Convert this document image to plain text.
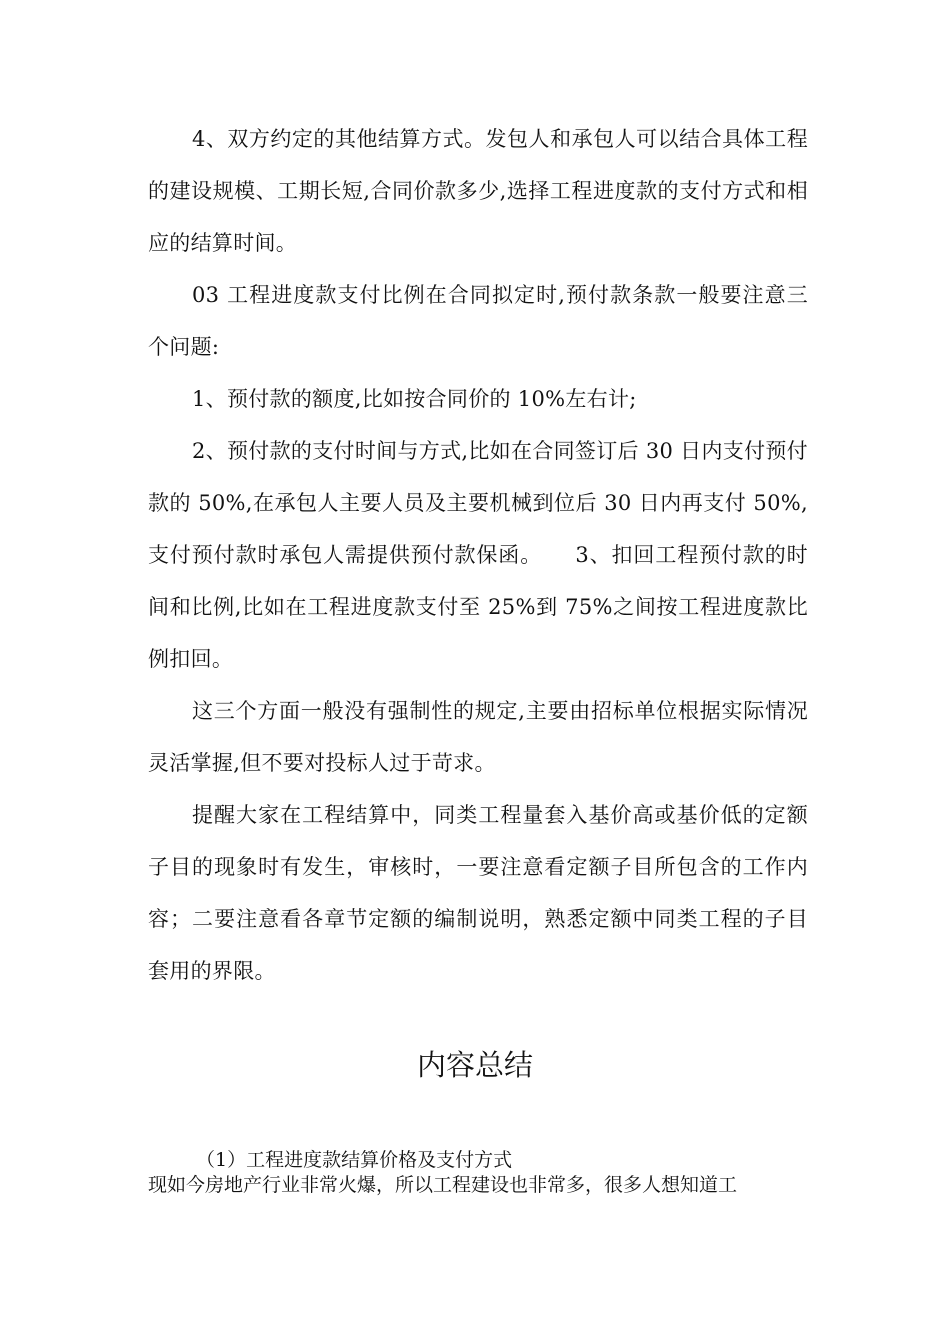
4、双方约定的其他结算方式。发包人和承包人可以结合具体工程的建设规模、工期长短,合同价款多少,选择工程进度款的支付方式和相应的结算时间。

03 工程进度款支付比例在合同拟定时,预付款条款一般要注意三个问题:

1、预付款的额度,比如按合同价的 10%左右计;

2、预付款的支付时间与方式,比如在合同签订后 30 日内支付预付款的 50%,在承包人主要人员及主要机械到位后 30 日内再支付 50%,支付预付款时承包人需提供预付款保函。　　3、扣回工程预付款的时间和比例,比如在工程进度款支付至 25%到 75%之间按工程进度款比例扣回。

这三个方面一般没有强制性的规定,主要由招标单位根据实际情况灵活掌握,但不要对投标人过于苛求。

提醒大家在工程结算中，同类工程量套入基价高或基价低的定额子目的现象时有发生，审核时，一要注意看定额子目所包含的工作内容；二要注意看各章节定额的编制说明，熟悉定额中同类工程的子目套用的界限。

内容总结

（1）工程进度款结算价格及支付方式

现如今房地产行业非常火爆，所以工程建设也非常多，很多人想知道工
